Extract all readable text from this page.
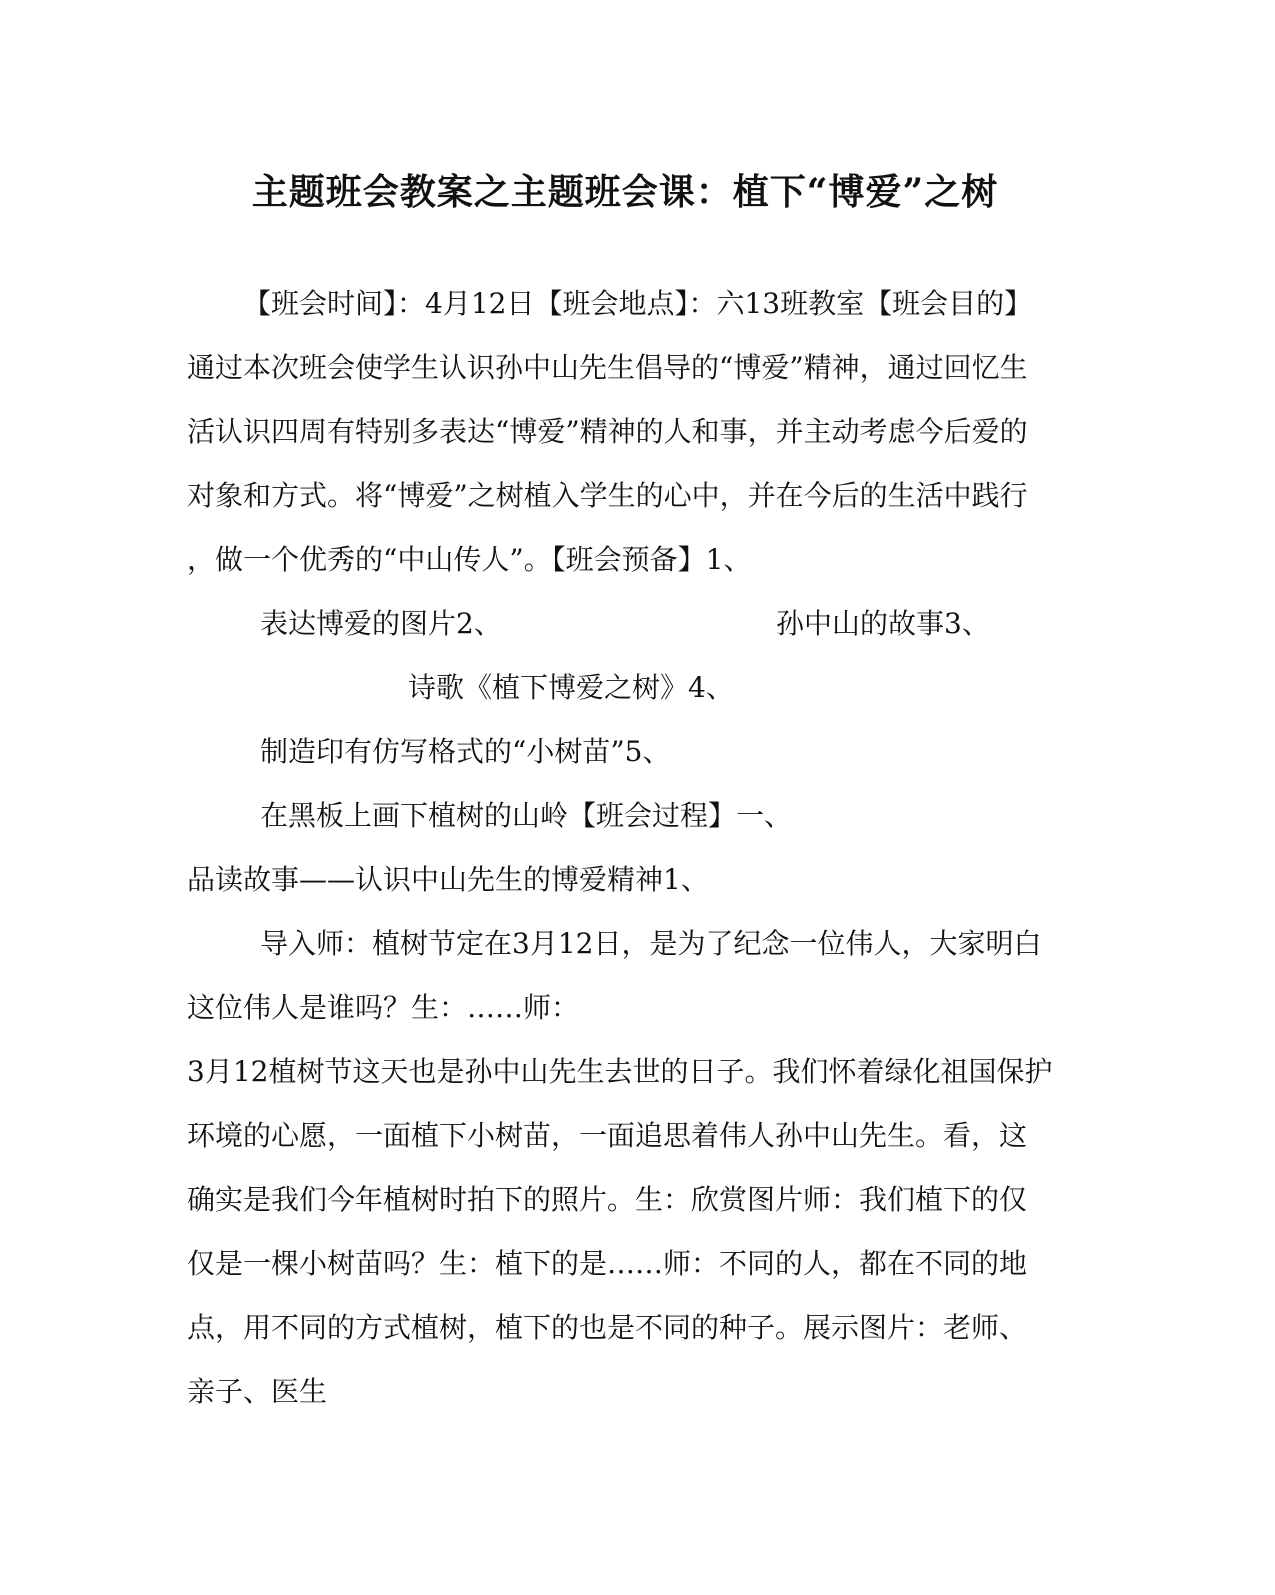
主题班会教案之主题班会课：植下“博爱”之树
【班会时间】：4月12日【班会地点】：六13班教室【班会目的】
通过本次班会使学生认识孙中山先生倡导的“博爱”精神，通过回忆生
活认识四周有特别多表达“博爱”精神的人和事，并主动考虑今后爱的
对象和方式。将“博爱”之树植入学生的心中，并在今后的生活中践行
，做一个优秀的“中山传人”。【班会预备】1、
表达博爱的图片2、	孙中山的故事3、
诗歌《植下博爱之树》4、
制造印有仿写格式的“小树苗”5、
在黑板上画下植树的山岭【班会过程】一、
品读故事——认识中山先生的博爱精神1、
导入师：植树节定在3月12日，是为了纪念一位伟人，大家明白
这位伟人是谁吗？生：……师：
3月12植树节这天也是孙中山先生去世的日子。我们怀着绿化祖国保护
环境的心愿，一面植下小树苗，一面追思着伟人孙中山先生。看，这
确实是我们今年植树时拍下的照片。生：欣赏图片师：我们植下的仅
仅是一棵小树苗吗？生：植下的是……师：不同的人，都在不同的地
点，用不同的方式植树，植下的也是不同的种子。展示图片：老师、
亲子、医生
